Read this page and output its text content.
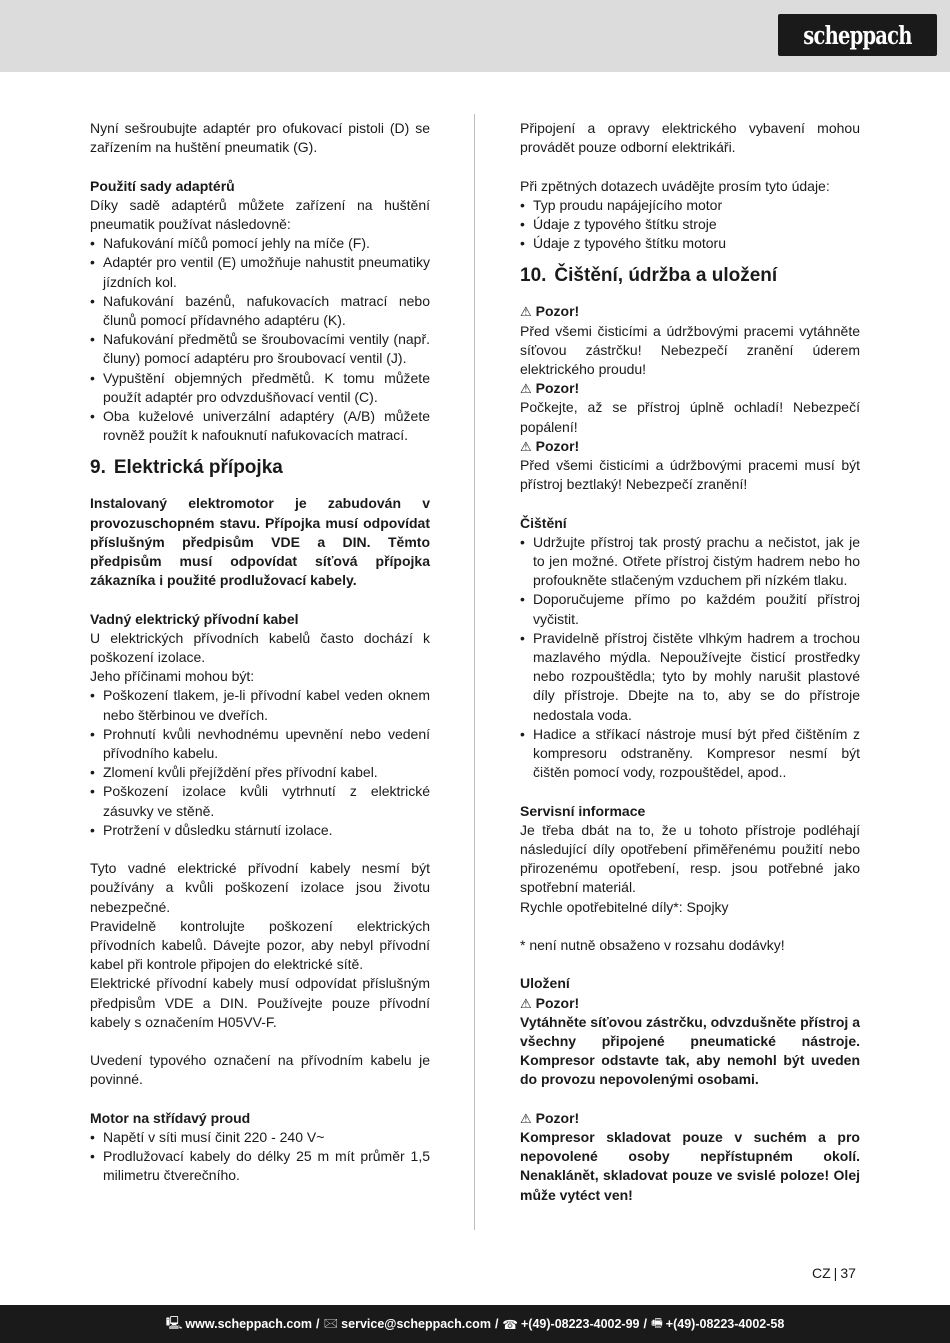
scheppach

Nyní sešroubujte adaptér pro ofukovací pistoli (D) se zařízením na huštění pneumatik (G).

Použití sady adaptérů

Díky sadě adaptérů můžete zařízení na huštění pneumatik používat následovně:

• Nafukování míčů pomocí jehly na míče (F).
• Adaptér pro ventil (E) umožňuje nahustit pneumatiky jízdních kol.
• Nafukování bazénů, nafukovacích matrací nebo člunů pomocí přídavného adaptéru (K).
• Nafukování předmětů se šroubovacími ventily (např. čluny) pomocí adaptéru pro šroubovací ventil (J).
• Vypuštění objemných předmětů. K tomu můžete použít adaptér pro odvzdušňovací ventil (C).
• Oba kuželové univerzální adaptéry (A/B) můžete rovněž použít k nafouknutí nafukovacích matrací.
9. Elektrická přípojka

Instalovaný elektromotor je zabudován v provozuschopném stavu. Přípojka musí odpovídat příslušným předpisům VDE a DIN. Těmto předpisům musí odpovídat síťová přípojka zákazníka i použité prodlužovací kabely.

Vadný elektrický přívodní kabel

U elektrických přívodních kabelů často dochází k poškození izolace.

Jeho příčinami mohou být:

• Poškození tlakem, je-li přívodní kabel veden oknem nebo štěrbinou ve dveřích.
• Prohnutí kvůli nevhodnému upevnění nebo vedení přívodního kabelu.
• Zlomení kvůli přejíždění přes přívodní kabel.
• Poškození izolace kvůli vytrhnutí z elektrické zásuvky ve stěně.
• Protržení v důsledku stárnutí izolace.

Tyto vadné elektrické přívodní kabely nesmí být používány a kvůli poškození izolace jsou životu nebezpečné.

Pravidelně kontrolujte poškození elektrických přívodních kabelů. Dávejte pozor, aby nebyl přívodní kabel při kontrole připojen do elektrické sítě.

Elektrické přívodní kabely musí odpovídat příslušným předpisům VDE a DIN. Používejte pouze přívodní kabely s označením H05VV-F.

Uvedení typového označení na přívodním kabelu je povinné.

Motor na střídavý proud

• Napětí v síti musí činit 220 - 240 V~
• Prodlužovací kabely do délky 25 m mít průměr 1,5 milimetru čtverečního.

Připojení a opravy elektrického vybavení mohou provádět pouze odborní elektrikáři.

Při zpětných dotazech uvádějte prosím tyto údaje:

• Typ proudu napájejícího motor
• Údaje z typového štítku stroje
• Údaje z typového štítku motoru
10. Čištění, údržba a uložení

⚠ Pozor!

Před všemi čisticími a údržbovými pracemi vytáhněte síťovou zástrčku! Nebezpečí zranění úderem elektrického proudu!

⚠ Pozor!

Počkejte, až se přístroj úplně ochladí! Nebezpečí popálení!

⚠ Pozor!

Před všemi čisticími a údržbovými pracemi musí být přístroj beztlaký! Nebezpečí zranění!

Čištění

• Udržujte přístroj tak prostý prachu a nečistot, jak je to jen možné. Otřete přístroj čistým hadrem nebo ho profoukněte stlačeným vzduchem při nízkém tlaku.
• Doporučujeme přímo po každém použití přístroj vyčistit.
• Pravidelně přístroj čistěte vlhkým hadrem a trochou mazlavého mýdla. Nepoužívejte čisticí prostředky nebo rozpouštědla; tyto by mohly narušit plastové díly přístroje. Dbejte na to, aby se do přístroje nedostala voda.
• Hadice a stříkací nástroje musí být před čištěním z kompresoru odstraněny. Kompresor nesmí být čištěn pomocí vody, rozpouštědel, apod..

Servisní informace

Je třeba dbát na to, že u tohoto přístroje podléhají následující díly opotřebení přiměřenému použití nebo přirozenému opotřebení, resp. jsou potřebné jako spotřební materiál.

Rychle opotřebitelné díly*: Spojky

* není nutně obsaženo v rozsahu dodávky!

Uložení

⚠ Pozor!

Vytáhněte síťovou zástrčku, odvzdušněte přístroj a všechny připojené pneumatické nástroje. Kompresor odstavte tak, aby nemohl být uveden do provozu nepovolenými osobami.

⚠ Pozor!

Kompresor skladovat pouze v suchém a pro nepovolené osoby nepřístupném okolí. Nenaklánět, skladovat pouze ve svislé poloze! Olej může vytéct ven!

CZ | 37
🖳 www.scheppach.com / 🖂 service@scheppach.com / ☎ +(49)-08223-4002-99 / 🖷 +(49)-08223-4002-58
